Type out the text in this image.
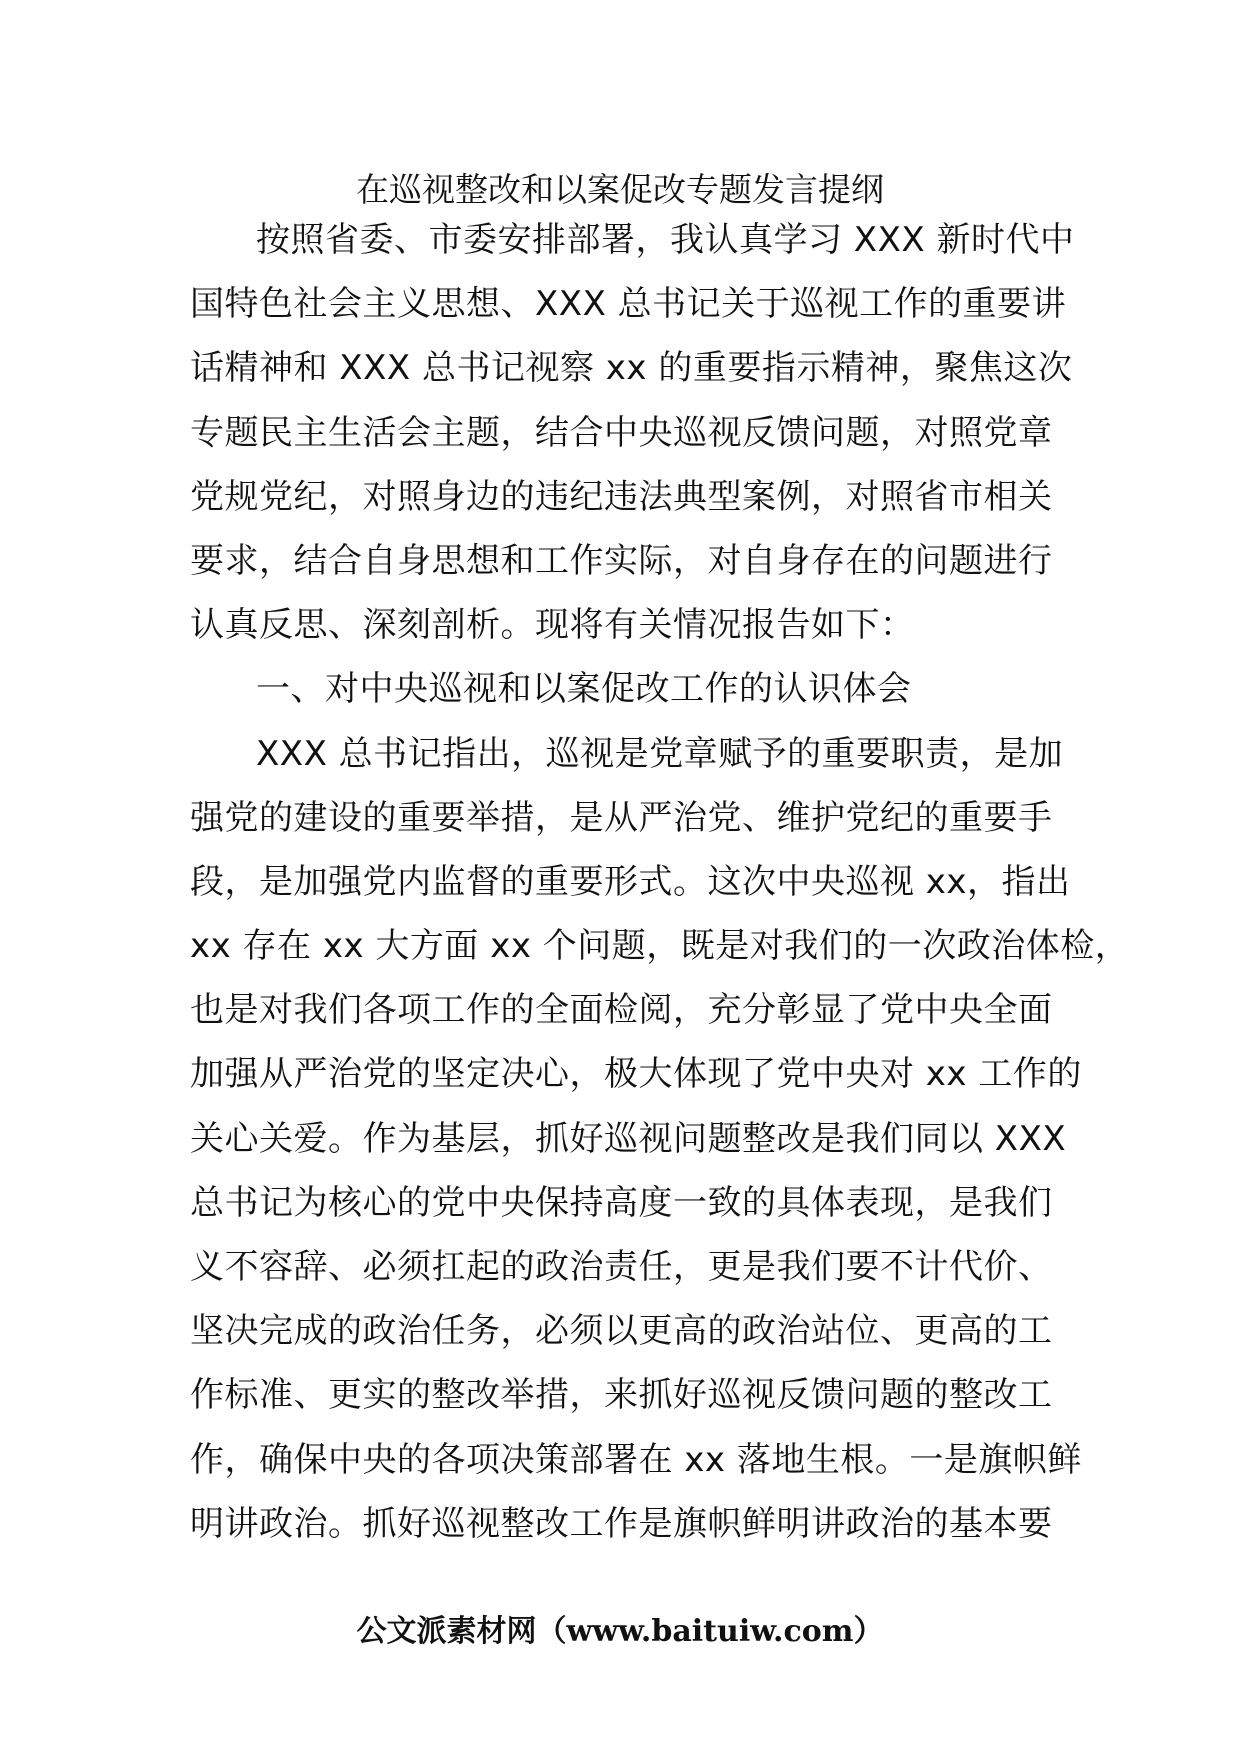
在巡视整改和以案促改专题发言提纲
按照省委、市委安排部署，我认真学习 XXX 新时代中
国特色社会主义思想、XXX 总书记关于巡视工作的重要讲
话精神和 XXX 总书记视察 xx 的重要指示精神，聚焦这次
专题民主生活会主题，结合中央巡视反馈问题，对照党章
党规党纪，对照身边的违纪违法典型案例，对照省市相关
要求，结合自身思想和工作实际，对自身存在的问题进行
认真反思、深刻剖析。现将有关情况报告如下：
一、对中央巡视和以案促改工作的认识体会
XXX 总书记指出，巡视是党章赋予的重要职责，是加
强党的建设的重要举措，是从严治党、维护党纪的重要手
段，是加强党内监督的重要形式。这次中央巡视 xx，指出
xx 存在 xx 大方面 xx 个问题，既是对我们的一次政治体检，
也是对我们各项工作的全面检阅，充分彰显了党中央全面
加强从严治党的坚定决心，极大体现了党中央对 xx 工作的
关心关爱。作为基层，抓好巡视问题整改是我们同以 XXX
总书记为核心的党中央保持高度一致的具体表现，是我们
义不容辞、必须扛起的政治责任，更是我们要不计代价、
坚决完成的政治任务，必须以更高的政治站位、更高的工
作标准、更实的整改举措，来抓好巡视反馈问题的整改工
作，确保中央的各项决策部署在 xx 落地生根。一是旗帜鲜
明讲政治。抓好巡视整改工作是旗帜鲜明讲政治的基本要
公文派素材网（www.baituiw.com）
